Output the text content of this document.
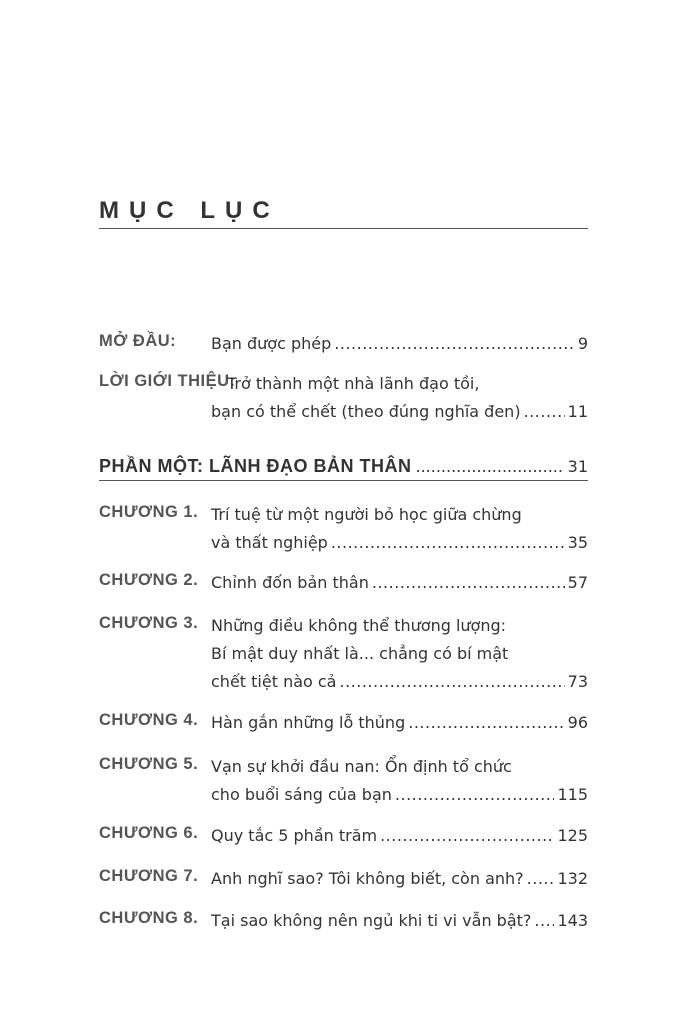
MỤC LỤC
MỞ ĐẦU: Bạn được phép .....	9
LỜI GIỚI THIỆU:
Trở thành một nhà lãnh đạo tồi,
bạn có thể chết (theo đúng nghĩa đen) .....	11
PHẦN MỘT: LÃNH ĐẠO BẢN THÂN .....	31
CHƯƠNG 1. Trí tuệ từ một người bỏ học giữa chừng
và thất nghiệp .....	35
CHƯƠNG 2. Chỉnh đốn bản thân .....	57
CHƯƠNG 3. Những điều không thể thương lượng:
Bí mật duy nhất là... chẳng có bí mật
chết tiệt nào cả .....	73
CHƯƠNG 4. Hàn gắn những lỗ thủng .....	96
CHƯƠNG 5. Vạn sự khởi đầu nan: Ổn định tổ chức
cho buổi sáng của bạn .....	115
CHƯƠNG 6. Quy tắc 5 phần trăm .....	125
CHƯƠNG 7. Anh nghĩ sao? Tôi không biết, còn anh? ..... 132
CHƯƠNG 8. Tại sao không nên ngủ khi ti vi vẫn bật? ..... 143
